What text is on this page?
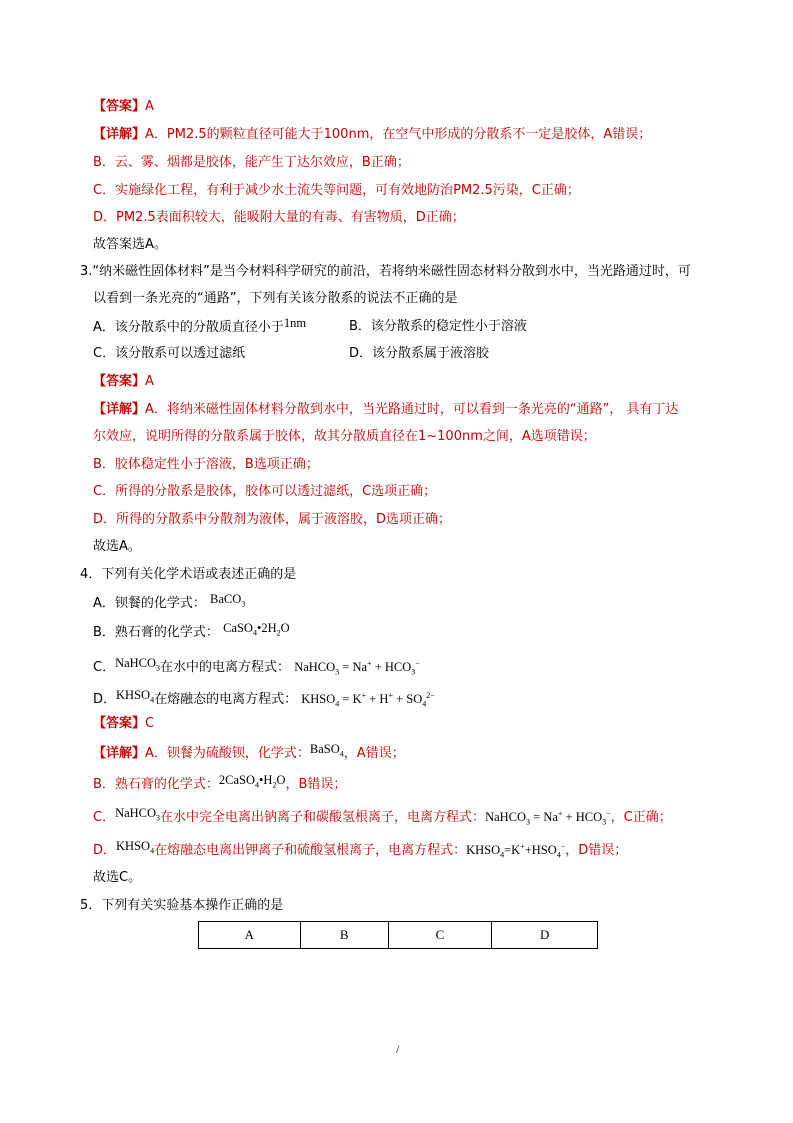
【答案】A
【详解】A．PM2.5的颗粒直径可能大于100nm，在空气中形成的分散系不一定是胶体，A错误；
B．云、雾、烟都是胶体，能产生丁达尔效应，B正确；
C．实施绿化工程，有利于减少水土流失等问题，可有效地防治PM2.5污染，C正确；
D．PM2.5表面积较大，能吸附大量的有毒、有害物质，D正确；
故答案选A。
3.“纳米磁性固体材料”是当今材料科学研究的前沿，若将纳米磁性固态材料分散到水中，当光路通过时，可
以看到一条光亮的“通路”，下列有关该分散系的说法不正确的是
A．该分散系中的分散质直径小于1nm	B．该分散系的稳定性小于溶液
C．该分散系可以透过滤纸	D．该分散系属于液溶胶
【答案】A
【详解】A．将纳米磁性固体材料分散到水中，当光路通过时，可以看到一条光亮的“通路”， 具有丁达
尔效应，说明所得的分散系属于胶体，故其分散质直径在1~100nm之间，A选项错误；
B．胶体稳定性小于溶液，B选项正确；
C．所得的分散系是胶体，胶体可以透过滤纸，C选项正确；
D．所得的分散系中分散剂为液体，属于液溶胶，D选项正确；
故选A。
4．下列有关化学术语或表述正确的是
A．钡餐的化学式： BaCO$_3$
B．熟石膏的化学式： $CaSO_4•2H_2O$
C．NaHCO$_3$在水中的电离方程式： NaHCO$_3$ = $Na^+ + HCO_3^-$
D．$KHSO_4$在熔融态的电离方程式： $KHSO_4 = K^+ + H^+ + SO_4^{2-}$
【答案】C
【详解】A．钡餐为硫酸钡，化学式：BaSO$_4$，A错误；
B．熟石膏的化学式：$2CaSO_4•H_2O$，B错误；
C．NaHCO$_3$在水中完全电离出钠离子和碳酸氢根离子，电离方程式：NaHCO$_3$ = $Na^+ + HCO_3^-$，C正确；
D．$KHSO_4$在熔融态电离出钾离子和硫酸氢根离子，电离方程式：$KHSO_4=K^++HSO_4^-$，D错误；
故选C。
5．下列有关实验基本操作正确的是
A	B	C	D
/
